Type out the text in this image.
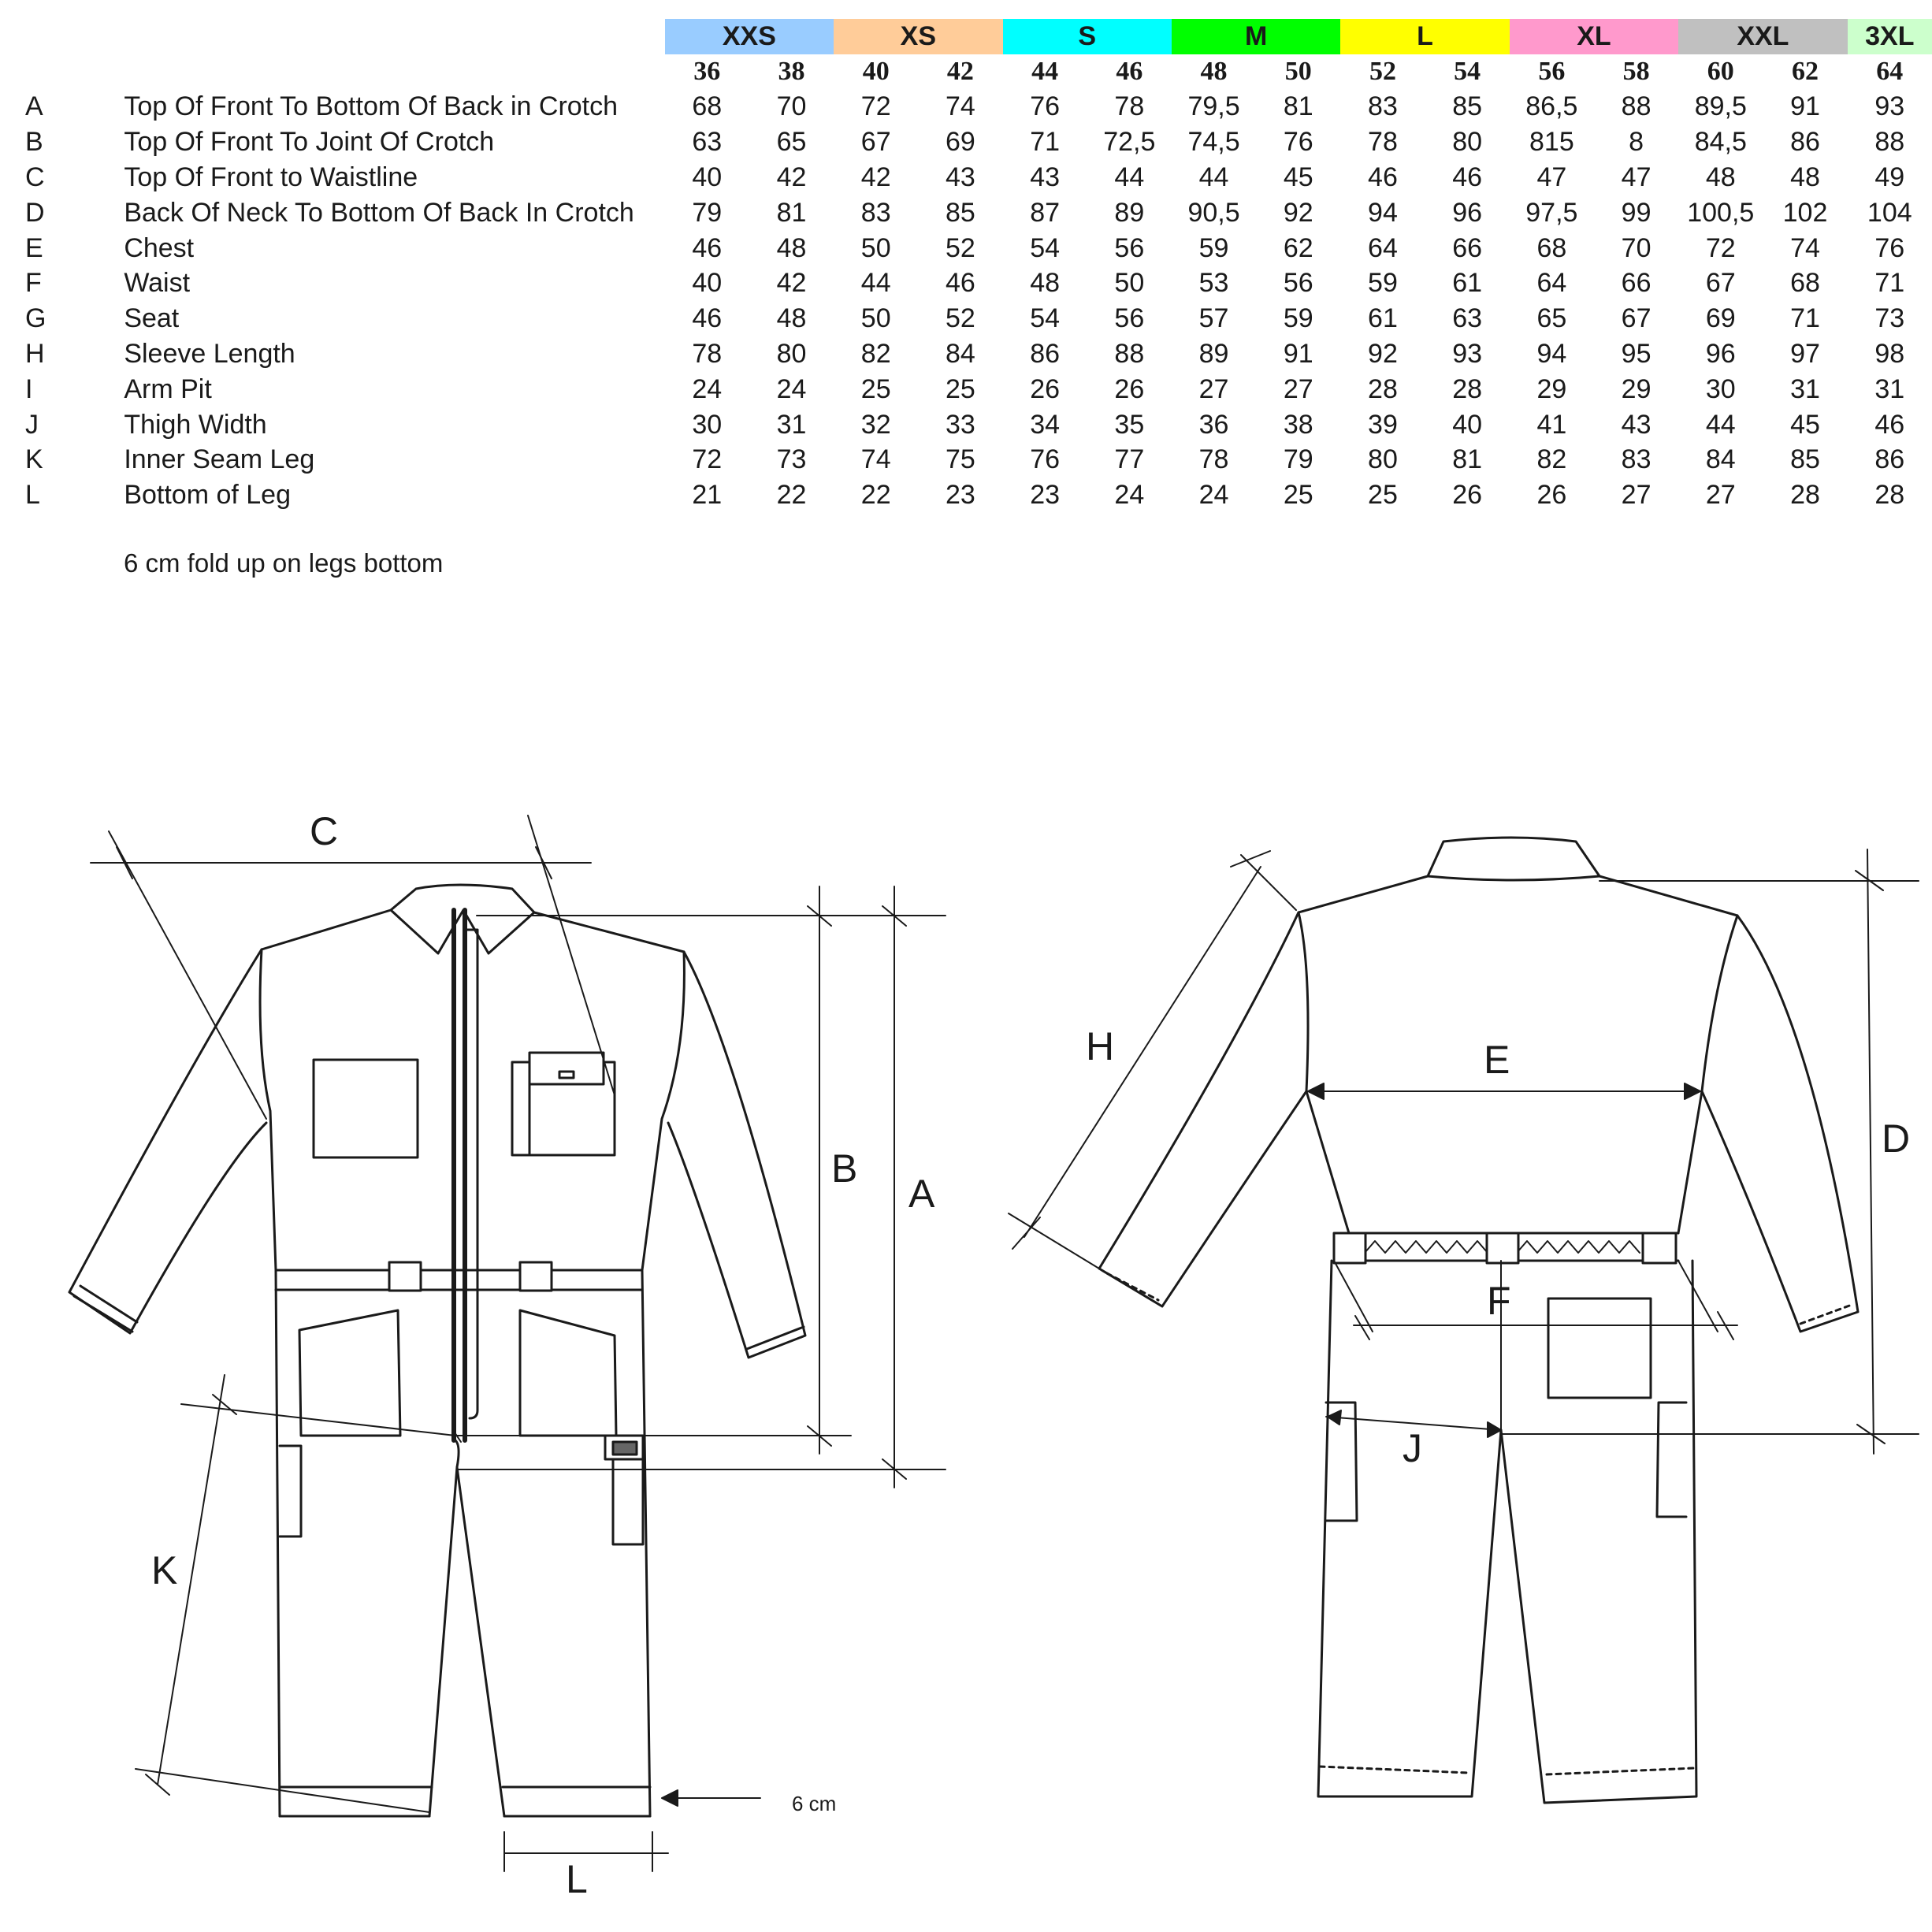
		XXS		XS		S		M		L		XL		XXL		3XL
		36	38	40	42	44	46	48	50	52	54	56	58	60	62	64
A	Top Of Front To Bottom Of Back in Crotch	68	70	72	74	76	78	79,5	81	83	85	86,5	88	89,5	91	93
B	Top Of Front To Joint Of Crotch	63	65	67	69	71	72,5	74,5	76	78	80	815	8	84,5	86	88
C	Top Of Front to Waistline	40	42	42	43	43	44	44	45	46	46	47	47	48	48	49
D	Back Of Neck To Bottom Of Back In Crotch	79	81	83	85	87	89	90,5	92	94	96	97,5	99	100,5	102	104
E	Chest	46	48	50	52	54	56	59	62	64	66	68	70	72	74	76
F	Waist	40	42	44	46	48	50	53	56	59	61	64	66	67	68	71
G	Seat	46	48	50	52	54	56	57	59	61	63	65	67	69	71	73
H	Sleeve Length	78	80	82	84	86	88	89	91	92	93	94	95	96	97	98
I	Arm Pit	24	24	25	25	26	26	27	27	28	28	29	29	30	31	31
J	Thigh Width	30	31	32	33	34	35	36	38	39	40	41	43	44	45	46
K	Inner Seam Leg	72	73	74	75	76	77	78	79	80	81	82	83	84	85	86
L	Bottom of Leg	21	22	22	23	23	24	24	25	25	26	26	27	27	28	28
6 cm fold up on legs bottom
C
B
A
K
L
6 cm
H	E
F
J
D
